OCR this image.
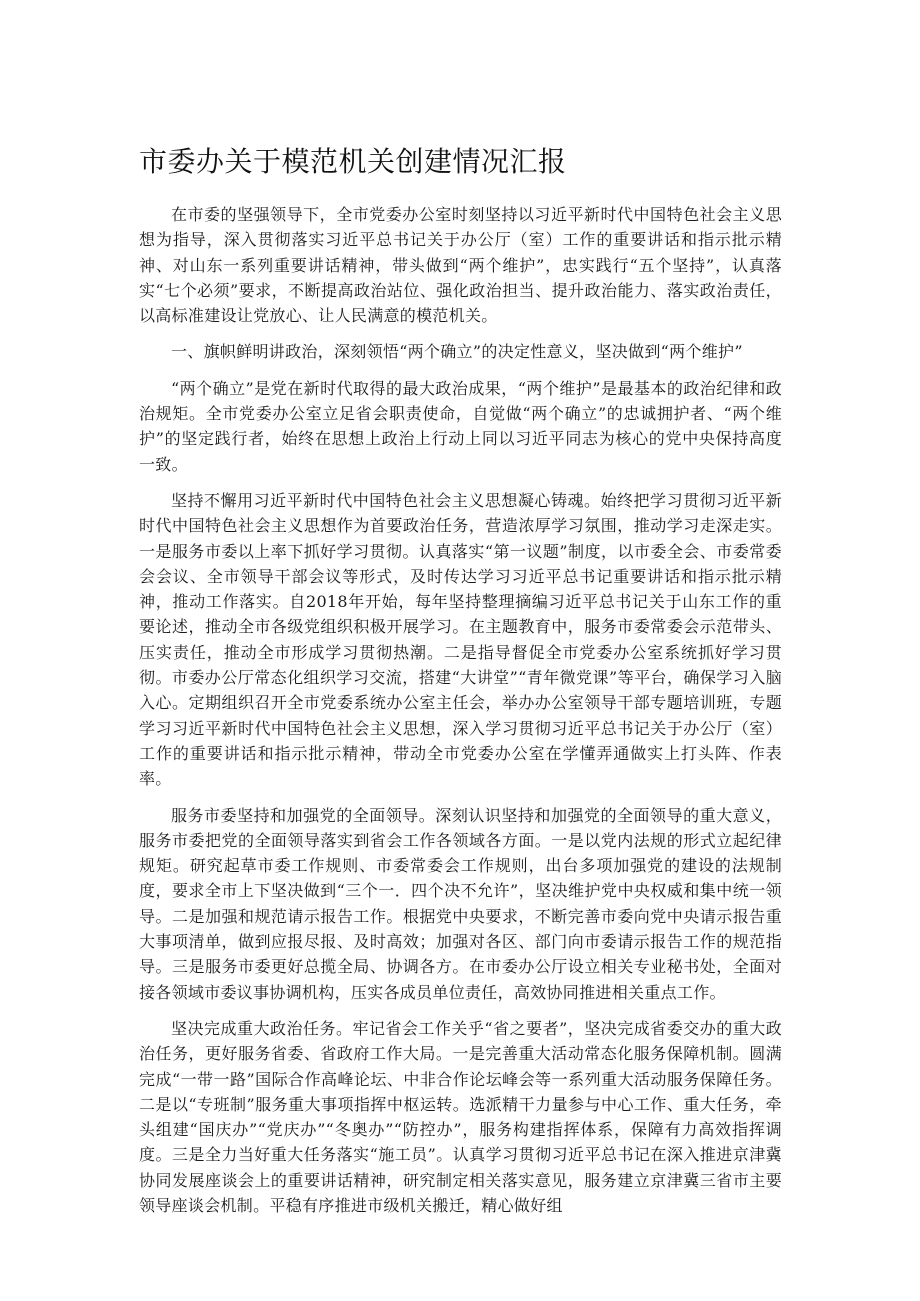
市委办关于模范机关创建情况汇报

在市委的坚强领导下，全市党委办公室时刻坚持以习近平新时代中国特色社会主义思想为指导，深入贯彻落实习近平总书记关于办公厅（室）工作的重要讲话和指示批示精神、对山东一系列重要讲话精神，带头做到“两个维护”，忠实践行“五个坚持”，认真落实“七个必须”要求，不断提高政治站位、强化政治担当、提升政治能力、落实政治责任，以高标准建设让党放心、让人民满意的模范机关。

一、旗帜鲜明讲政治，深刻领悟“两个确立”的决定性意义，坚决做到“两个维护”

“两个确立”是党在新时代取得的最大政治成果，“两个维护”是最基本的政治纪律和政治规矩。全市党委办公室立足省会职责使命，自觉做“两个确立”的忠诚拥护者、“两个维护”的坚定践行者，始终在思想上政治上行动上同以习近平同志为核心的党中央保持高度一致。

坚持不懈用习近平新时代中国特色社会主义思想凝心铸魂。始终把学习贯彻习近平新时代中国特色社会主义思想作为首要政治任务，营造浓厚学习氛围，推动学习走深走实。一是服务市委以上率下抓好学习贯彻。认真落实“第一议题”制度，以市委全会、市委常委会会议、全市领导干部会议等形式，及时传达学习习近平总书记重要讲话和指示批示精神，推动工作落实。自2018年开始，每年坚持整理摘编习近平总书记关于山东工作的重要论述，推动全市各级党组织积极开展学习。在主题教育中，服务市委常委会示范带头、压实责任，推动全市形成学习贯彻热潮。二是指导督促全市党委办公室系统抓好学习贯彻。市委办公厅常态化组织学习交流，搭建“大讲堂”“青年微党课”等平台，确保学习入脑入心。定期组织召开全市党委系统办公室主任会，举办办公室领导干部专题培训班，专题学习习近平新时代中国特色社会主义思想，深入学习贯彻习近平总书记关于办公厅（室）工作的重要讲话和指示批示精神，带动全市党委办公室在学懂弄通做实上打头阵、作表率。

服务市委坚持和加强党的全面领导。深刻认识坚持和加强党的全面领导的重大意义，服务市委把党的全面领导落实到省会工作各领域各方面。一是以党内法规的形式立起纪律规矩。研究起草市委工作规则、市委常委会工作规则，出台多项加强党的建设的法规制度，要求全市上下坚决做到“三个一．四个决不允许”，坚决维护党中央权威和集中统一领导。二是加强和规范请示报告工作。根据党中央要求，不断完善市委向党中央请示报告重大事项清单，做到应报尽报、及时高效；加强对各区、部门向市委请示报告工作的规范指导。三是服务市委更好总揽全局、协调各方。在市委办公厅设立相关专业秘书处，全面对接各领域市委议事协调机构，压实各成员单位责任，高效协同推进相关重点工作。

坚决完成重大政治任务。牢记省会工作关乎“省之要者”，坚决完成省委交办的重大政治任务，更好服务省委、省政府工作大局。一是完善重大活动常态化服务保障机制。圆满完成“一带一路”国际合作高峰论坛、中非合作论坛峰会等一系列重大活动服务保障任务。二是以“专班制”服务重大事项指挥中枢运转。选派精干力量参与中心工作、重大任务，牵头组建“国庆办”“党庆办”“冬奥办”“防控办”，服务构建指挥体系，保障有力高效指挥调度。三是全力当好重大任务落实“施工员”。认真学习贯彻习近平总书记在深入推进京津冀协同发展座谈会上的重要讲话精神，研究制定相关落实意见，服务建立京津冀三省市主要领导座谈会机制。平稳有序推进市级机关搬迁，精心做好组
